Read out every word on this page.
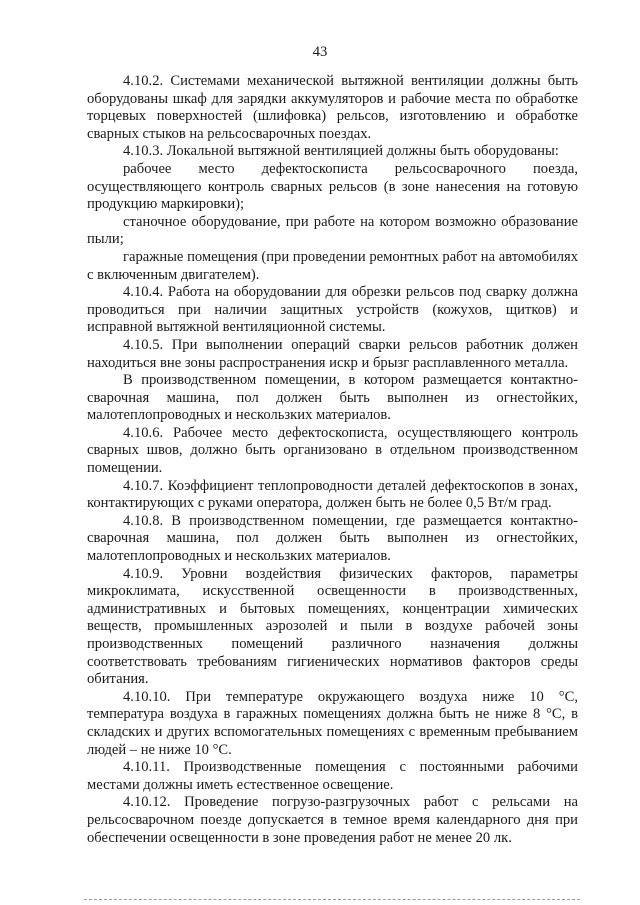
43

4.10.2. Системами механической вытяжной вентиляции должны быть оборудованы шкаф для зарядки аккумуляторов и рабочие места по обработке торцевых поверхностей (шлифовка) рельсов, изготовлению и обработке сварных стыков на рельсосварочных поездах.

4.10.3. Локальной вытяжной вентиляцией должны быть оборудованы:

рабочее место дефектоскописта рельсосварочного поезда, осуществляющего контроль сварных рельсов (в зоне нанесения на готовую продукцию маркировки);

станочное оборудование, при работе на котором возможно образование пыли;

гаражные помещения (при проведении ремонтных работ на автомобилях с включенным двигателем).

4.10.4. Работа на оборудовании для обрезки рельсов под сварку должна проводиться при наличии защитных устройств (кожухов, щитков) и исправной вытяжной вентиляционной системы.

4.10.5. При выполнении операций сварки рельсов работник должен находиться вне зоны распространения искр и брызг расплавленного металла.

В производственном помещении, в котором размещается контактно-сварочная машина, пол должен быть выполнен из огнестойких, малотеплопроводных и нескользких материалов.

4.10.6. Рабочее место дефектоскописта, осуществляющего контроль сварных швов, должно быть организовано в отдельном производственном помещении.

4.10.7. Коэффициент теплопроводности деталей дефектоскопов в зонах, контактирующих с руками оператора, должен быть не более 0,5 Вт/м град.

4.10.8. В производственном помещении, где размещается контактно-сварочная машина, пол должен быть выполнен из огнестойких, малотеплопроводных и нескользких материалов.

4.10.9. Уровни воздействия физических факторов, параметры микроклимата, искусственной освещенности в производственных, административных и бытовых помещениях, концентрации химических веществ, промышленных аэрозолей и пыли в воздухе рабочей зоны производственных помещений различного назначения должны соответствовать требованиям гигиенических нормативов факторов среды обитания.

4.10.10. При температуре окружающего воздуха ниже 10 °C, температура воздуха в гаражных помещениях должна быть не ниже 8 °C, в складских и других вспомогательных помещениях с временным пребыванием людей – не ниже 10 °C.

4.10.11. Производственные помещения с постоянными рабочими местами должны иметь естественное освещение.

4.10.12. Проведение погрузо-разгрузочных работ с рельсами на рельсосварочном поезде допускается в темное время календарного дня при обеспечении освещенности в зоне проведения работ не менее 20 лк.
